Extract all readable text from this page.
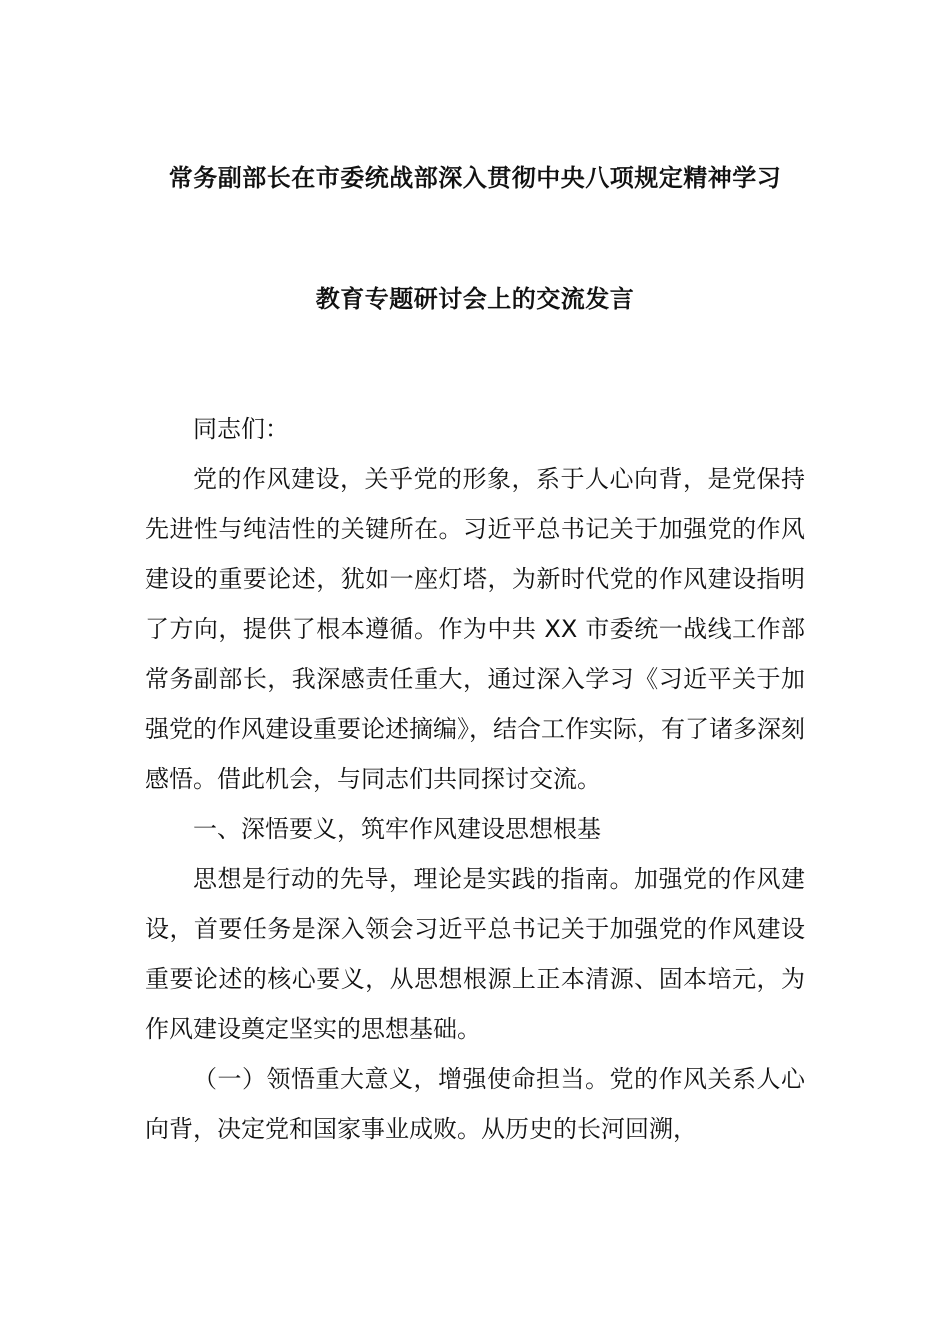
常务副部长在市委统战部深入贯彻中央八项规定精神学习
教育专题研讨会上的交流发言

同志们：

党的作风建设，关乎党的形象，系于人心向背，是党保持先进性与纯洁性的关键所在。习近平总书记关于加强党的作风建设的重要论述，犹如一座灯塔，为新时代党的作风建设指明了方向，提供了根本遵循。作为中共 XX 市委统一战线工作部常务副部长，我深感责任重大，通过深入学习《习近平关于加强党的作风建设重要论述摘编》，结合工作实际，有了诸多深刻感悟。借此机会，与同志们共同探讨交流。

一、深悟要义，筑牢作风建设思想根基

思想是行动的先导，理论是实践的指南。加强党的作风建设，首要任务是深入领会习近平总书记关于加强党的作风建设重要论述的核心要义，从思想根源上正本清源、固本培元，为作风建设奠定坚实的思想基础。

（一）领悟重大意义，增强使命担当。党的作风关系人心向背，决定党和国家事业成败。从历史的长河回溯，
